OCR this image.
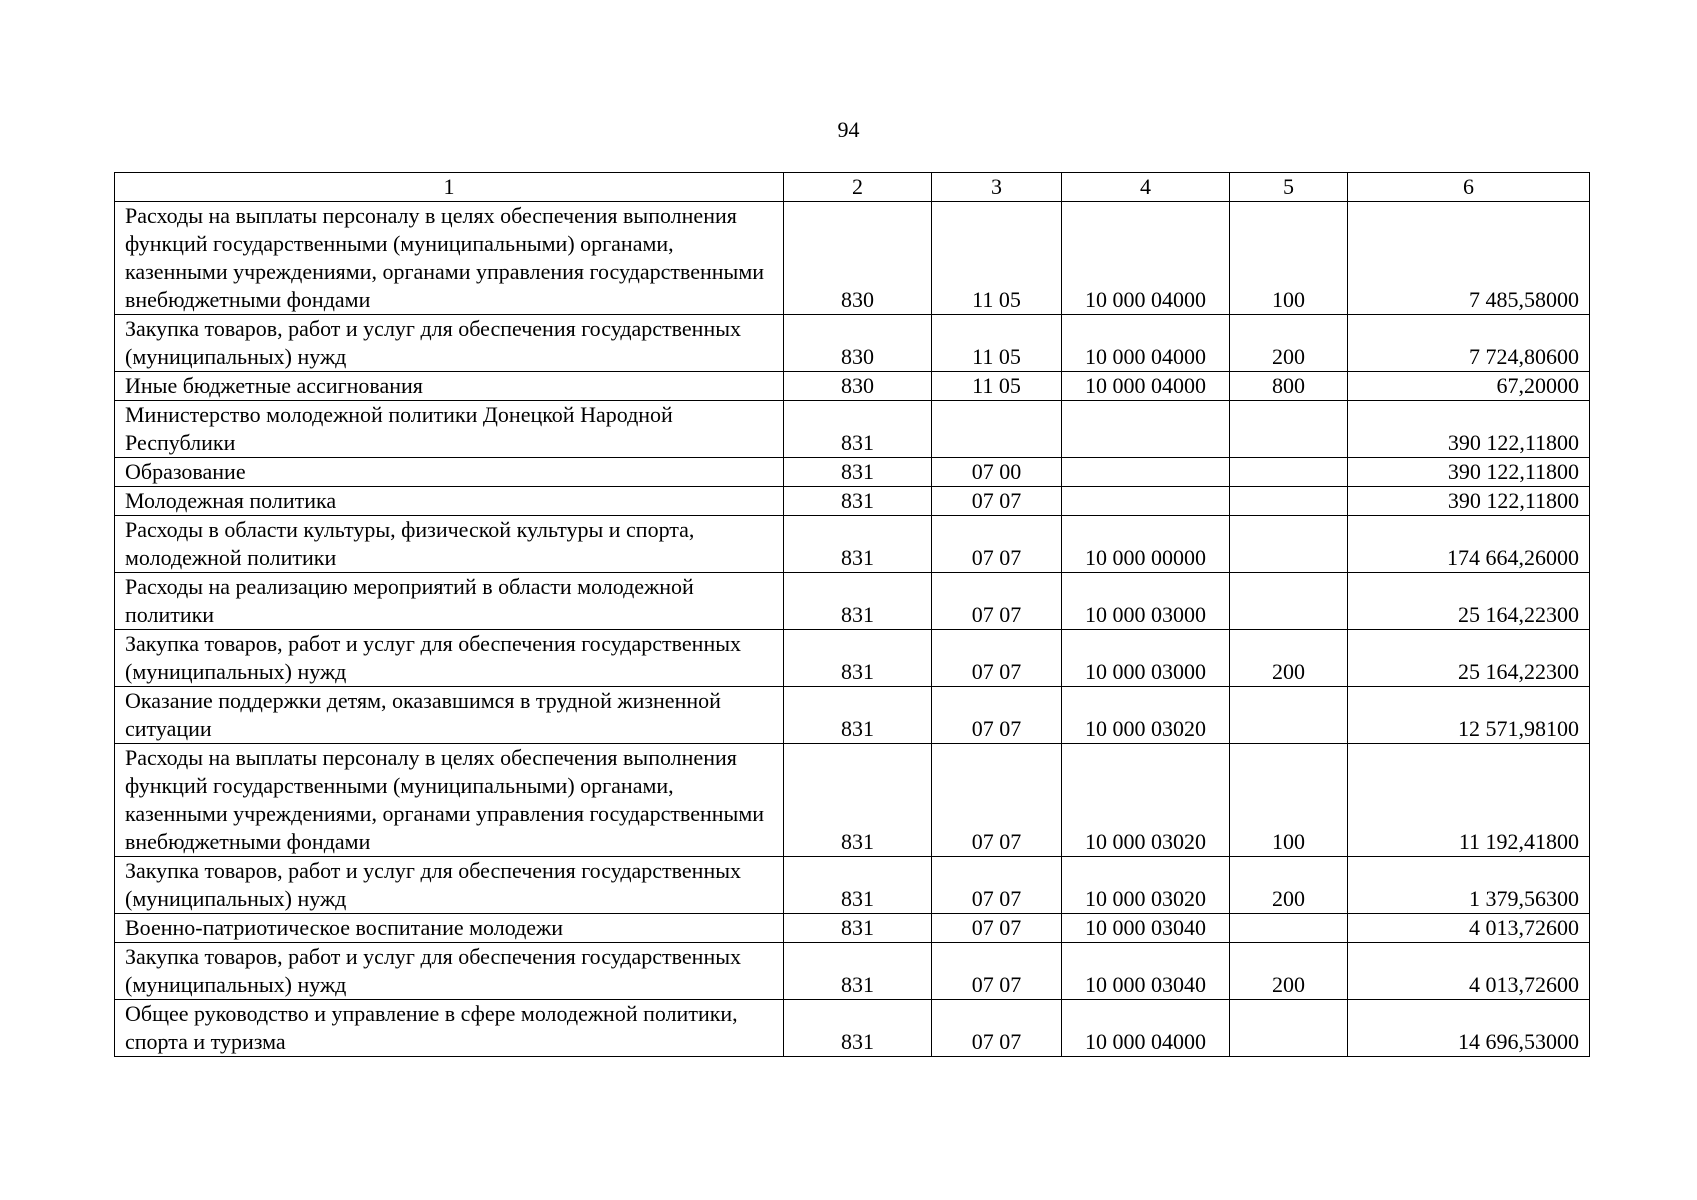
94
1	2	3	4	5	6
Расходы на выплаты персоналу в целях обеспечения выполнения функций государственными (муниципальными) органами, казенными учреждениями, органами управления государственными внебюджетными фондами	830	11 05	10 000 04000	100	7 485,58000
Закупка товаров, работ и услуг для обеспечения государственных (муниципальных) нужд	830	11 05	10 000 04000	200	7 724,80600
Иные бюджетные ассигнования	830	11 05	10 000 04000	800	67,20000
Министерство молодежной политики Донецкой Народной Республики	831				390 122,11800
Образование	831	07 00			390 122,11800
Молодежная политика	831	07 07			390 122,11800
Расходы в области культуры, физической культуры и спорта, молодежной политики	831	07 07	10 000 00000		174 664,26000
Расходы на реализацию мероприятий в области молодежной политики	831	07 07	10 000 03000		25 164,22300
Закупка товаров, работ и услуг для обеспечения государственных (муниципальных) нужд	831	07 07	10 000 03000	200	25 164,22300
Оказание поддержки детям, оказавшимся в трудной жизненной ситуации	831	07 07	10 000 03020		12 571,98100
Расходы на выплаты персоналу в целях обеспечения выполнения функций государственными (муниципальными) органами, казенными учреждениями, органами управления государственными внебюджетными фондами	831	07 07	10 000 03020	100	11 192,41800
Закупка товаров, работ и услуг для обеспечения государственных (муниципальных) нужд	831	07 07	10 000 03020	200	1 379,56300
Военно-патриотическое воспитание молодежи	831	07 07	10 000 03040		4 013,72600
Закупка товаров, работ и услуг для обеспечения государственных (муниципальных) нужд	831	07 07	10 000 03040	200	4 013,72600
Общее руководство и управление в сфере молодежной политики, спорта и туризма	831	07 07	10 000 04000		14 696,53000
